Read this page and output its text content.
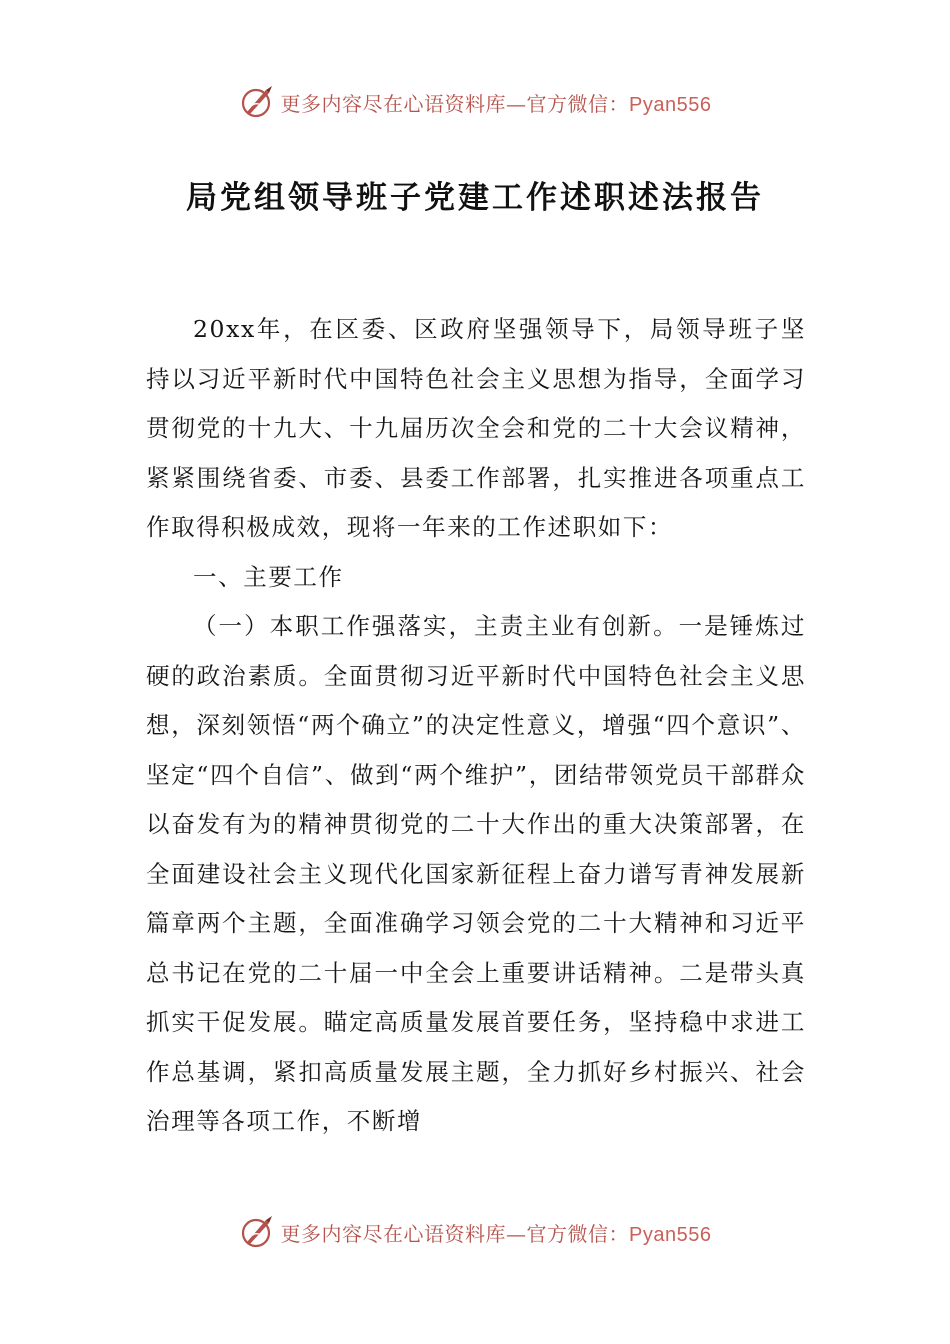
更多内容尽在心语资料库—官方微信：Pyan556
局党组领导班子党建工作述职述法报告

20xx年，在区委、区政府坚强领导下，局领导班子坚持以习近平新时代中国特色社会主义思想为指导，全面学习贯彻党的十九大、十九届历次全会和党的二十大会议精神，紧紧围绕省委、市委、县委工作部署，扎实推进各项重点工作取得积极成效，现将一年来的工作述职如下：

一、主要工作

（一）本职工作强落实，主责主业有创新。一是锤炼过硬的政治素质。全面贯彻习近平新时代中国特色社会主义思想，深刻领悟“两个确立”的决定性意义，增强“四个意识”、坚定“四个自信”、做到“两个维护”，团结带领党员干部群众以奋发有为的精神贯彻党的二十大作出的重大决策部署，在全面建设社会主义现代化国家新征程上奋力谱写青神发展新篇章两个主题，全面准确学习领会党的二十大精神和习近平总书记在党的二十届一中全会上重要讲话精神。二是带头真抓实干促发展。瞄定高质量发展首要任务，坚持稳中求进工作总基调，紧扣高质量发展主题，全力抓好乡村振兴、社会治理等各项工作，不断增

更多内容尽在心语资料库—官方微信：Pyan556
